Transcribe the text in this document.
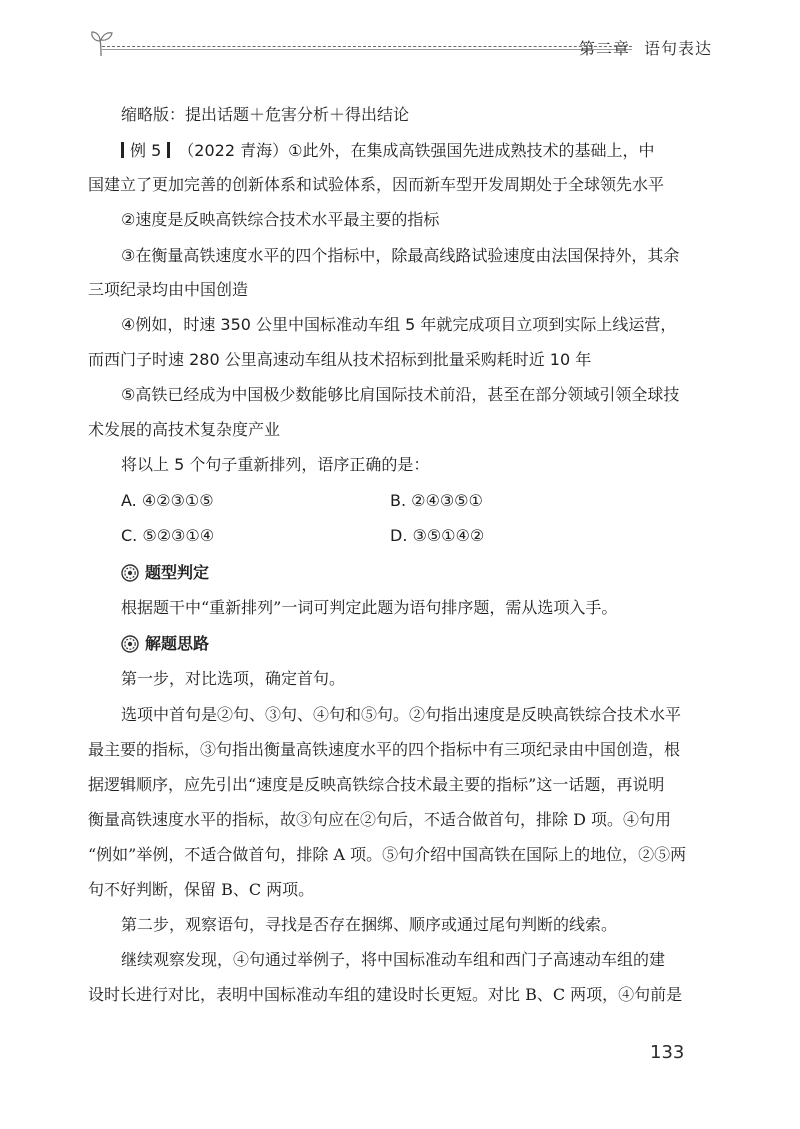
第二章 语句表达
缩略版：提出话题＋危害分析＋得出结论
例 5 （2022 青海）①此外，在集成高铁强国先进成熟技术的基础上，中
国建立了更加完善的创新体系和试验体系，因而新车型开发周期处于全球领先水平
②速度是反映高铁综合技术水平最主要的指标
③在衡量高铁速度水平的四个指标中，除最高线路试验速度由法国保持外，其余
三项纪录均由中国创造
④例如，时速 350 公里中国标准动车组 5 年就完成项目立项到实际上线运营，
而西门子时速 280 公里高速动车组从技术招标到批量采购耗时近 10 年
⑤高铁已经成为中国极少数能够比肩国际技术前沿，甚至在部分领域引领全球技
术发展的高技术复杂度产业
将以上 5 个句子重新排列，语序正确的是：
A. ④②③①⑤	B. ②④③⑤①
C. ⑤②③①④	D. ③⑤①④②
题型判定
根据题干中“重新排列”一词可判定此题为语句排序题，需从选项入手。
解题思路
第一步，对比选项，确定首句。
选项中首句是②句、③句、④句和⑤句。②句指出速度是反映高铁综合技术水平
最主要的指标，③句指出衡量高铁速度水平的四个指标中有三项纪录由中国创造，根
据逻辑顺序，应先引出“速度是反映高铁综合技术最主要的指标”这一话题，再说明
衡量高铁速度水平的指标，故③句应在②句后，不适合做首句，排除 D 项。④句用
“例如”举例，不适合做首句，排除 A 项。⑤句介绍中国高铁在国际上的地位，②⑤两
句不好判断，保留 B、C 两项。
第二步，观察语句，寻找是否存在捆绑、顺序或通过尾句判断的线索。
继续观察发现，④句通过举例子，将中国标准动车组和西门子高速动车组的建
设时长进行对比，表明中国标准动车组的建设时长更短。对比 B、C 两项，④句前是
133
